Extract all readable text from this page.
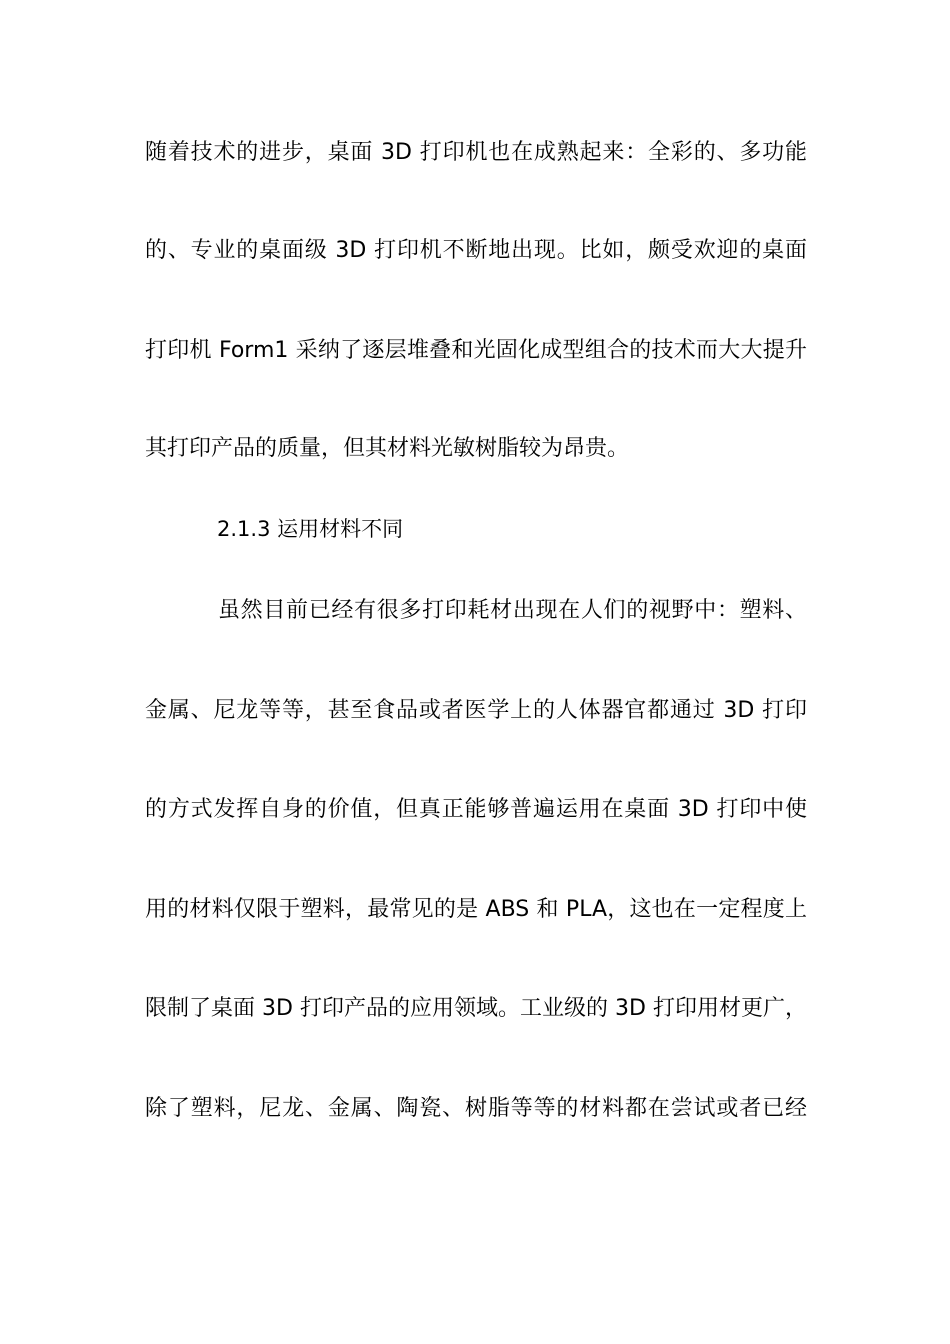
随着技术的进步，桌面 3D 打印机也在成熟起来：全彩的、多功能
的、专业的桌面级 3D 打印机不断地出现。比如，颇受欢迎的桌面
打印机 Form1 采纳了逐层堆叠和光固化成型组合的技术而大大提升
其打印产品的质量，但其材料光敏树脂较为昂贵。
2.1.3 运用材料不同
虽然目前已经有很多打印耗材出现在人们的视野中：塑料、
金属、尼龙等等，甚至食品或者医学上的人体器官都通过 3D 打印
的方式发挥自身的价值，但真正能够普遍运用在桌面 3D 打印中使
用的材料仅限于塑料，最常见的是 ABS 和 PLA，这也在一定程度上
限制了桌面 3D 打印产品的应用领域。工业级的 3D 打印用材更广，
除了塑料，尼龙、金属、陶瓷、树脂等等的材料都在尝试或者已经
